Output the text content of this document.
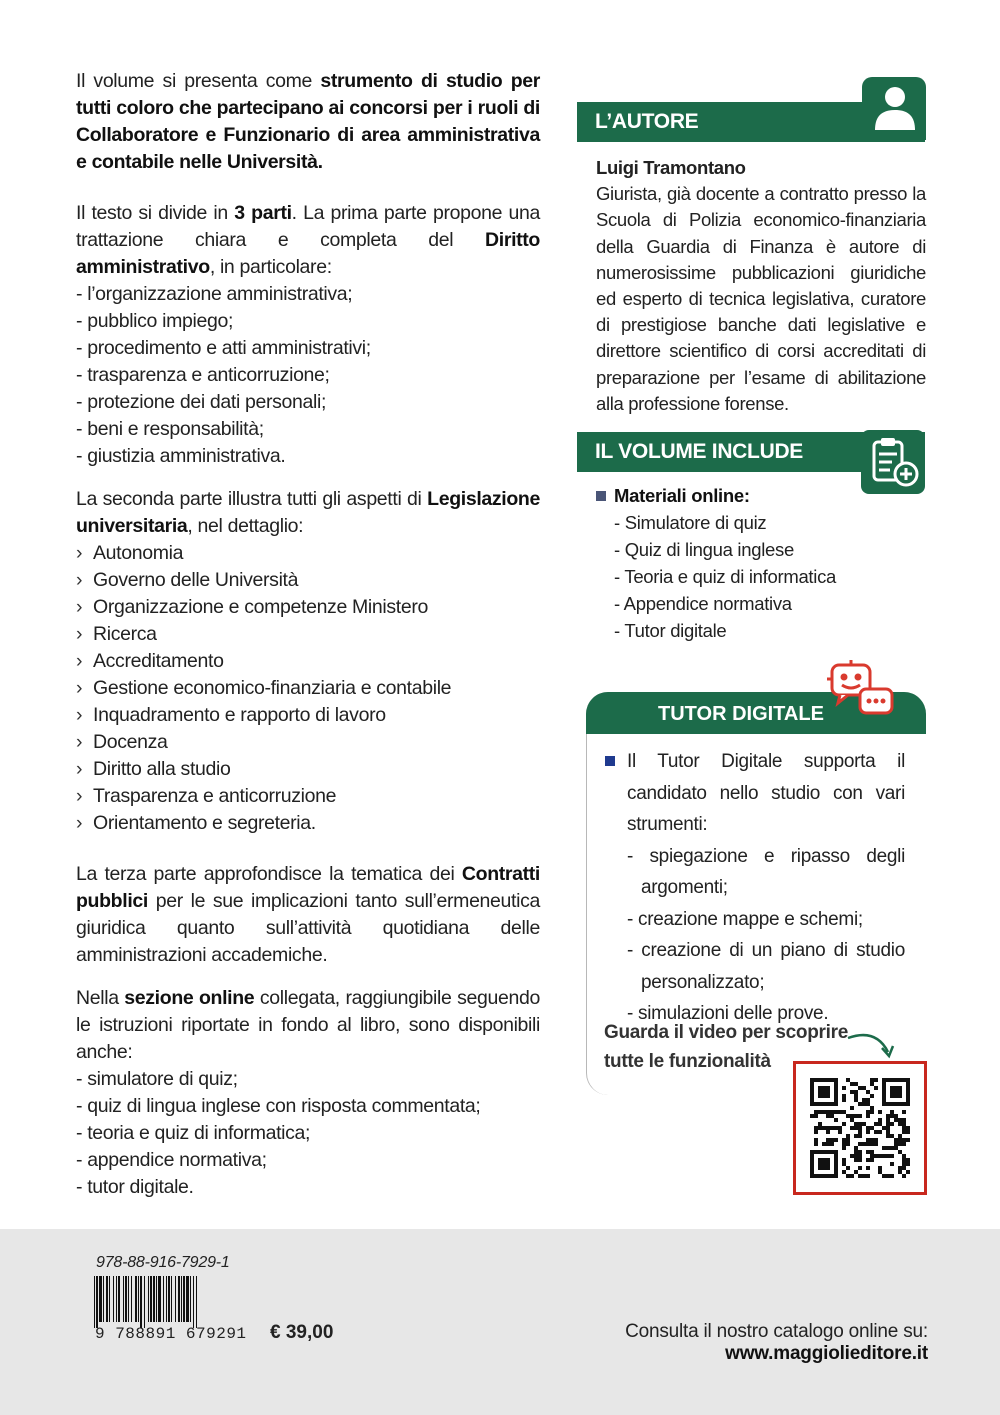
Il volume si presenta come strumento di studio per tutti coloro che partecipano ai concorsi per i ruoli di Collaboratore e Funzionario di area amministrativa e contabile nelle Università.

Il testo si divide in 3 parti. La prima parte propone una trattazione chiara e completa del Diritto amministrativo, in particolare:

- l’organizzazione amministrativa;
- pubblico impiego;
- procedimento e atti amministrativi;
- trasparenza e anticorruzione;
- protezione dei dati personali;
- beni e responsabilità;
- giustizia amministrativa.

La seconda parte illustra tutti gli aspetti di Legislazione universitaria, nel dettaglio:

› Autonomia
› Governo delle Università
› Organizzazione e competenze Ministero
› Ricerca
› Accreditamento
› Gestione economico-finanziaria e contabile
› Inquadramento e rapporto di lavoro
› Docenza
› Diritto alla studio
› Trasparenza e anticorruzione
› Orientamento e segreteria.

La terza parte approfondisce la tematica dei Contratti pubblici per le sue implicazioni tanto sull’ermeneutica giuridica quanto sull’attività quotidiana delle amministrazioni accademiche.

Nella sezione online collegata, raggiungibile seguendo le istruzioni riportate in fondo al libro, sono disponibili anche:

- simulatore di quiz;
- quiz di lingua inglese con risposta commentata;
- teoria e quiz di informatica;
- appendice normativa;
- tutor digitale.
L’AUTORE

Luigi Tramontano

Giurista, già docente a contratto presso la Scuola di Polizia economico-finanziaria della Guardia di Finanza è autore di numerosissime pubblicazioni giuridiche ed esperto di tecnica legislativa, curatore di prestigiose banche dati legislative e direttore scientifico di corsi accreditati di preparazione per l’esame di abilitazione alla professione forense.

IL VOLUME INCLUDE
Materiali online:
- Simulatore di quiz
- Quiz di lingua inglese
- Teoria e quiz di informatica
- Appendice normativa
- Tutor digitale
TUTOR DIGITALE

Il Tutor Digitale supporta il candidato nello studio con vari strumenti:

- spiegazione e ripasso degli argomenti;

- creazione mappe e schemi;

- creazione di un piano di studio personalizzato;

- simulazioni delle prove.

Guarda il video per scoprire tutte le funzionalità
978-88-916-7929-1
9 788891 679291 € 39,00	Consulta il nostro catalogo online su: www.maggiolieditore.it
